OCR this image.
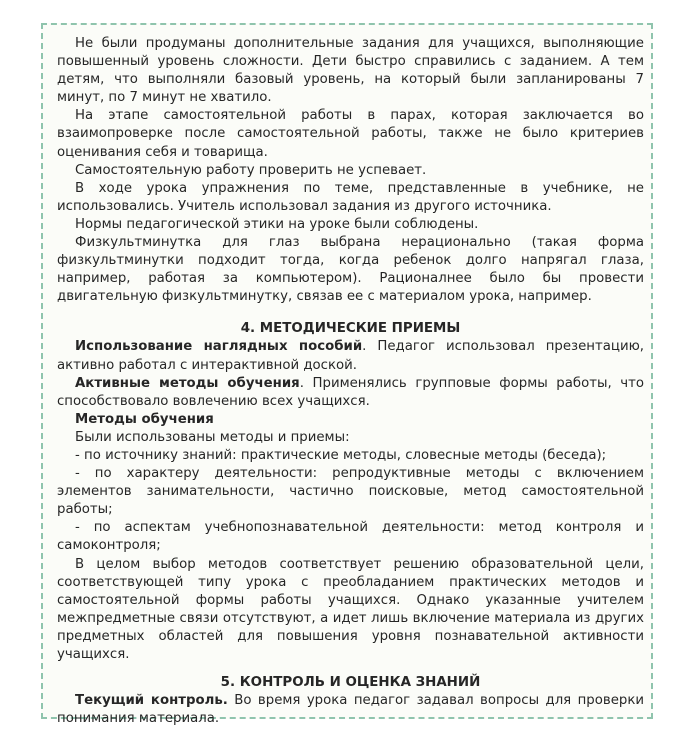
Не были продуманы дополнительные задания для учащихся, выполняющие повышенный уровень сложности. Дети быстро справились с заданием. А тем детям, что выполняли базовый уровень, на который были запланированы 7 минут, по 7 минут не хватило.

На этапе самостоятельной работы в парах, которая заключается во взаимопроверке после самостоятельной работы, также не было критериев оценивания себя и товарища.

Самостоятельную работу проверить не успевает.

В ходе урока упражнения по теме, представленные в учебнике, не использовались. Учитель использовал задания из другого источника.

Нормы педагогической этики на уроке были соблюдены.

Физкультминутка для глаз выбрана нерационально (такая форма физкультминутки подходит тогда, когда ребенок долго напрягал глаза, например, работая за компьютером). Рационалнее было бы провести двигательную физкультминутку, связав ее с материалом урока, например.

4. МЕТОДИЧЕСКИЕ ПРИЕМЫ

Использование наглядных пособий. Педагог использовал презентацию, активно работал с интерактивной доской.

Активные методы обучения. Применялись групповые формы работы, что способствовало вовлечению всех учащихся.

Методы обучения

Были использованы методы и приемы:

- по источнику знаний: практические методы, словесные методы (беседа);

- по характеру деятельности: репродуктивные методы с включением элементов занимательности, частично поисковые, метод самостоятельной работы;

- по аспектам учебнопознавательной деятельности: метод контроля и самоконтроля;

В целом выбор методов соответствует решению образовательной цели, соответствующей типу урока с преобладанием практических методов и самостоятельной формы работы учащихся. Однако указанные учителем межпредметные связи отсутствуют, а идет лишь включение материала из других предметных областей для повышения уровня познавательной активности учащихся.

5. КОНТРОЛЬ И ОЦЕНКА ЗНАНИЙ

Текущий контроль. Во время урока педагог задавал вопросы для проверки понимания материала.
